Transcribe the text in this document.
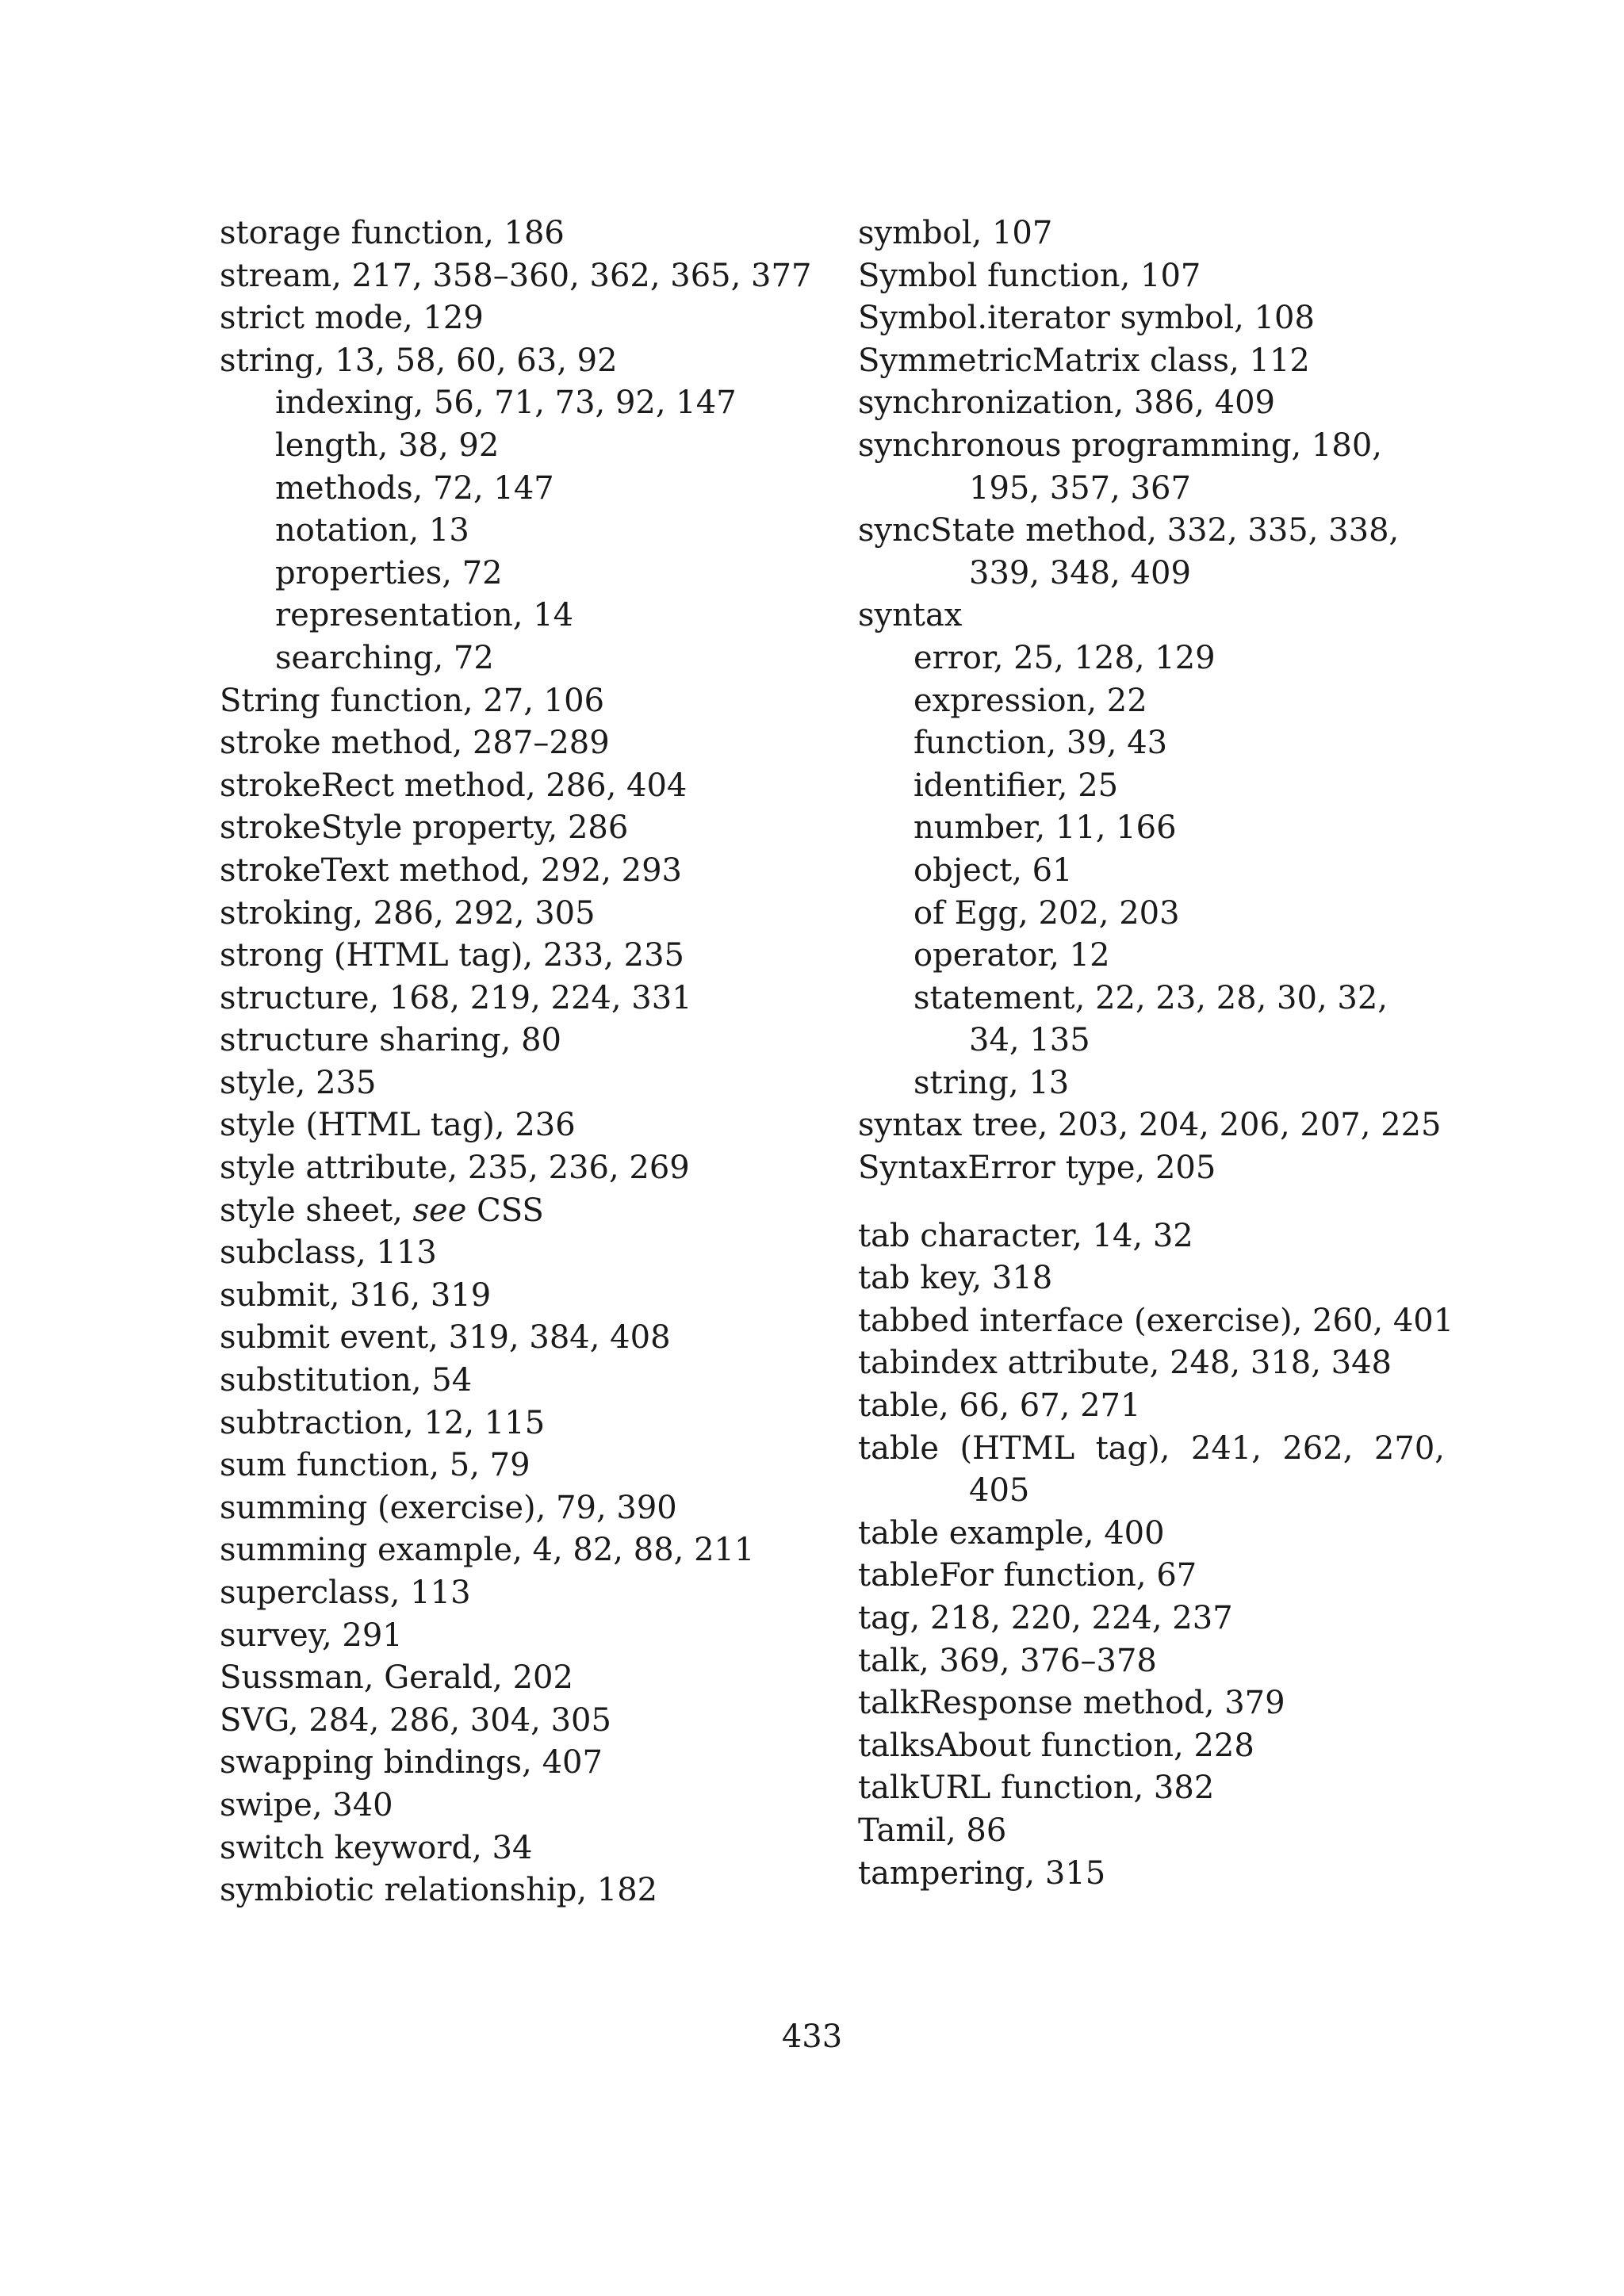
storage function, 186
stream, 217, 358–360, 362, 365, 377
strict mode, 129
string, 13, 58, 60, 63, 92
indexing, 56, 71, 73, 92, 147
length, 38, 92
methods, 72, 147
notation, 13
properties, 72
representation, 14
searching, 72
String function, 27, 106
stroke method, 287–289
strokeRect method, 286, 404
strokeStyle property, 286
strokeText method, 292, 293
stroking, 286, 292, 305
strong (HTML tag), 233, 235
structure, 168, 219, 224, 331
structure sharing, 80
style, 235
style (HTML tag), 236
style attribute, 235, 236, 269
style sheet, see CSS
subclass, 113
submit, 316, 319
submit event, 319, 384, 408
substitution, 54
subtraction, 12, 115
sum function, 5, 79
summing (exercise), 79, 390
summing example, 4, 82, 88, 211
superclass, 113
survey, 291
Sussman, Gerald, 202
SVG, 284, 286, 304, 305
swapping bindings, 407
swipe, 340
switch keyword, 34
symbiotic relationship, 182
symbol, 107
Symbol function, 107
Symbol.iterator symbol, 108
SymmetricMatrix class, 112
synchronization, 386, 409
synchronous programming, 180, 195, 357, 367
syncState method, 332, 335, 338, 339, 348, 409
syntax
error, 25, 128, 129
expression, 22
function, 39, 43
identifier, 25
number, 11, 166
object, 61
of Egg, 202, 203
operator, 12
statement, 22, 23, 28, 30, 32, 34, 135
string, 13
syntax tree, 203, 204, 206, 207, 225
SyntaxError type, 205
tab character, 14, 32
tab key, 318
tabbed interface (exercise), 260, 401
tabindex attribute, 248, 318, 348
table, 66, 67, 271
table (HTML tag), 241, 262, 270, 405
table example, 400
tableFor function, 67
tag, 218, 220, 224, 237
talk, 369, 376–378
talkResponse method, 379
talksAbout function, 228
talkURL function, 382
Tamil, 86
tampering, 315
433
